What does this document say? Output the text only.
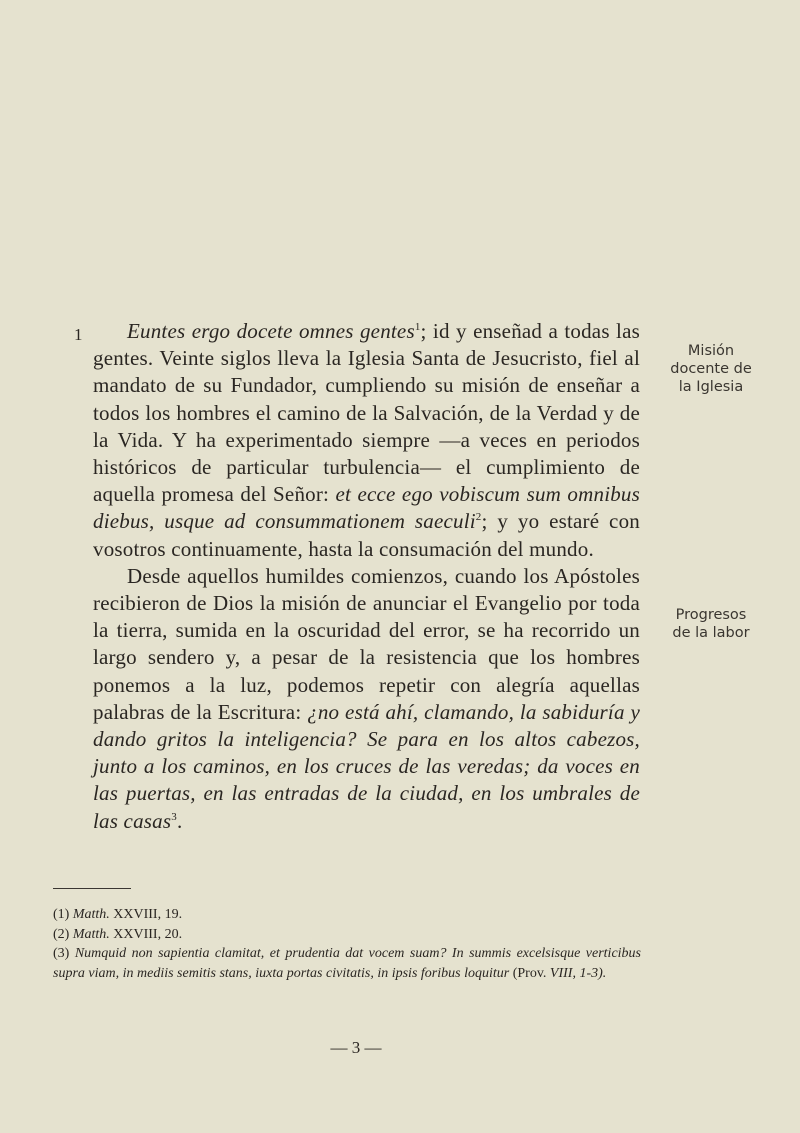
1	Euntes ergo docete omnes gentes$^1$; id y enseñad a todas las gentes. Veinte siglos lleva la Iglesia Santa de Jesucristo, fiel al mandato de su Fundador, cumpliendo su misión de enseñar a todos los hombres el camino de la Salvación, de la Verdad y de la Vida. Y ha experimentado siempre —a veces en periodos históricos de particular turbulencia— el cumplimiento de aquella promesa del Señor: et ecce ego vobiscum sum omnibus diebus, usque ad consummationem saeculi$^2$; y yo estaré con vosotros continuamente, hasta la consumación del mundo.

Desde aquellos humildes comienzos, cuando los Apóstoles recibieron de Dios la misión de anunciar el Evangelio por toda la tierra, sumida en la oscuridad del error, se ha recorrido un largo sendero y, a pesar de la resistencia que los hombres ponemos a la luz, podemos repetir con alegría aquellas palabras de la Escritura: ¿no está ahí, clamando, la sabiduría y dando gritos la inteligencia? Se para en los altos cabezos, junto a los caminos, en los cruces de las veredas; da voces en las puertas, en las entradas de la ciudad, en los umbrales de las casas$^3$.

Misión
docente de
la Iglesia
Progresos
de la labor

(1) Matth. XXVIII, 19.

(2) Matth. XXVIII, 20.

(3) Numquid non sapientia clamitat, et prudentia dat vocem suam? In summis excelsisque verticibus supra viam, in mediis semitis stans, iuxta portas civitatis, in ipsis foribus loquitur (Prov. VIII, 1-3).

— 3 —
